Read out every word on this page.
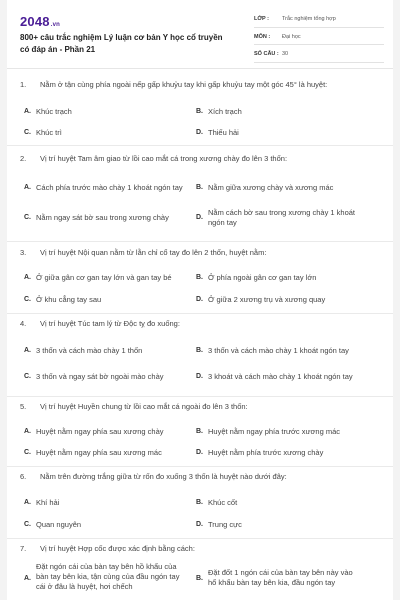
2048.vn
800+ câu trắc nghiệm Lý luận cơ bản Y học cổ truyền có đáp án - Phần 21
LỚP :	Trắc nghiệm tổng hợp
MÔN :	Đại học
SỐ CÂU : 30
1.	Nằm ở tận cùng phía ngoài nếp gấp khuỷu tay khi gấp khuỷu tay một góc 45° là huyệt:
A. Khúc trạch	B. Xích trạch
C. Khúc trì	D. Thiếu hải
2.	Vị trí huyệt Tam âm giao từ lồi cao mắt cá trong xương chày đo lên 3 thốn:
A. Cách phía trước mào chày 1 khoát ngón tay	B. Nằm giữa xương chày và xương mác
C. Nằm ngay sát bờ sau trong xương chày	D.
Nằm cách bờ sau trong xương chày 1 khoát ngón tay
3.	Vị trí huyệt Nội quan nằm từ lằn chỉ cổ tay đo lên 2 thốn, huyệt nằm:
A. Ở giữa gân cơ gan tay lớn và gan tay bé	B. Ở phía ngoài gân cơ gan tay lớn
C. Ở khu cẳng tay sau	D. Ở giữa 2 xương trụ và xương quay
4.	Vị trí huyệt Túc tam lý từ Độc tỵ đo xuống:
A. 3 thốn và cách mào chày 1 thốn	B. 3 thốn và cách mào chày 1 khoát ngón tay
C. 3 thốn và ngay sát bờ ngoài mào chày	D. 3 khoát và cách mào chày 1 khoát ngón tay
5.	Vị trí huyệt Huyền chung từ lồi cao mắt cá ngoài đo lên 3 thốn:
A. Huyệt nằm ngay phía sau xương chày	B. Huyệt nằm ngay phía trước xương mác
C. Huyệt nằm ngay phía sau xương mác	D. Huyệt nằm phía trước xương chày
6.	Nằm trên đường trắng giữa từ rốn đo xuống 3 thốn là huyệt nào dưới đây:
A. Khí hải	B. Khúc cốt
C. Quan nguyên	D. Trung cực
7.	Vị trí huyệt Hợp cốc được xác định bằng cách:
A.
Đặt ngón cái của bàn tay bên hồ khẩu của bàn tay bên kia, tận cùng của đầu ngón tay cái ở đâu là huyệt, hơi chếch
B.
Đặt đốt 1 ngón cái của bàn tay bên này vào hổ khẩu bàn tay bên kia, đầu ngón tay
